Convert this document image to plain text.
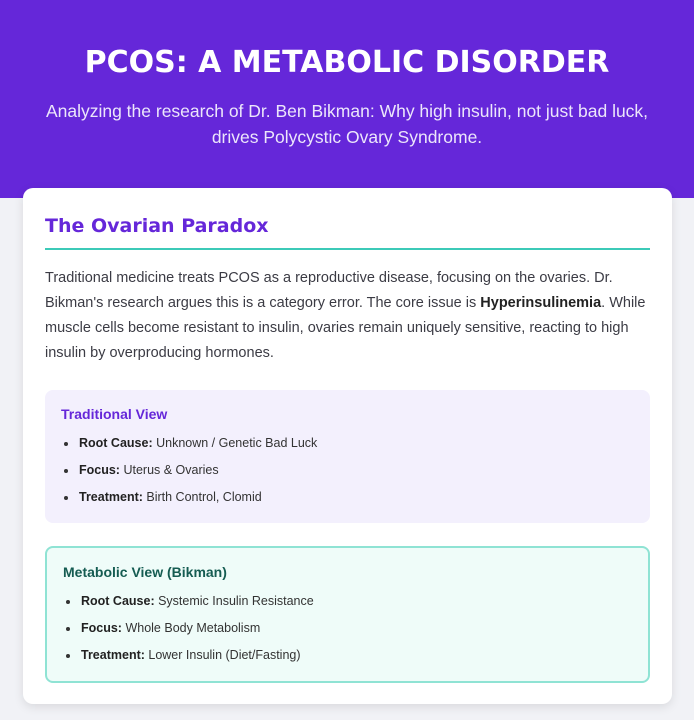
PCOS: A METABOLIC DISORDER

Analyzing the research of Dr. Ben Bikman: Why high insulin, not just bad luck, drives Polycystic Ovary Syndrome.

The Ovarian Paradox

Traditional medicine treats PCOS as a reproductive disease, focusing on the ovaries. Dr. Bikman's research argues this is a category error. The core issue is Hyperinsulinemia. While muscle cells become resistant to insulin, ovaries remain uniquely sensitive, reacting to high insulin by overproducing hormones.

Traditional View
Root Cause: Unknown / Genetic Bad Luck
Focus: Uterus & Ovaries
Treatment: Birth Control, Clomid
Metabolic View (Bikman)
Root Cause: Systemic Insulin Resistance
Focus: Whole Body Metabolism
Treatment: Lower Insulin (Diet/Fasting)
